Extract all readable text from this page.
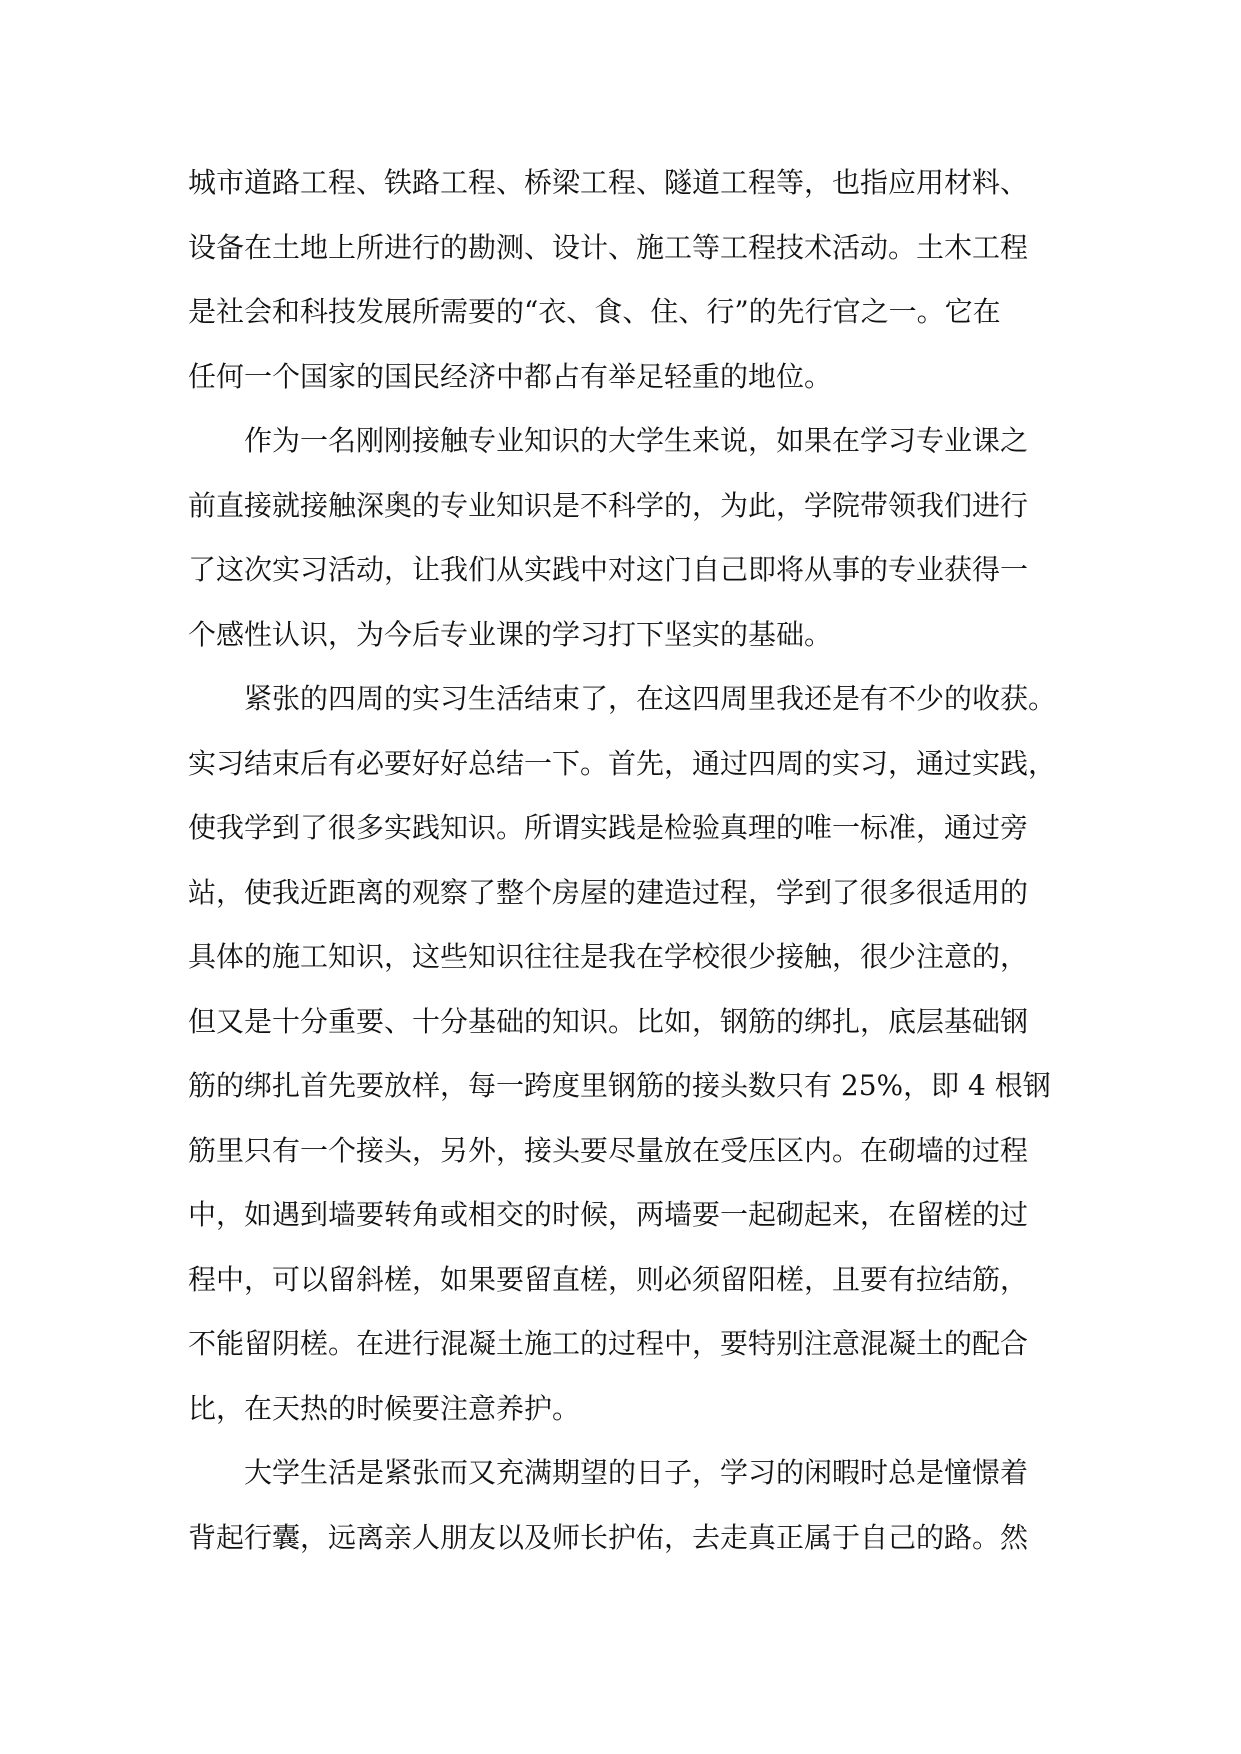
城市道路工程、铁路工程、桥梁工程、隧道工程等，也指应用材料、
设备在土地上所进行的勘测、设计、施工等工程技术活动。土木工程
是社会和科技发展所需要的“衣、食、住、行”的先行官之一。它在
任何一个国家的国民经济中都占有举足轻重的地位。
作为一名刚刚接触专业知识的大学生来说，如果在学习专业课之
前直接就接触深奥的专业知识是不科学的，为此，学院带领我们进行
了这次实习活动，让我们从实践中对这门自己即将从事的专业获得一
个感性认识，为今后专业课的学习打下坚实的基础。
紧张的四周的实习生活结束了，在这四周里我还是有不少的收获。
实习结束后有必要好好总结一下。首先，通过四周的实习，通过实践，
使我学到了很多实践知识。所谓实践是检验真理的唯一标准，通过旁
站，使我近距离的观察了整个房屋的建造过程，学到了很多很适用的
具体的施工知识，这些知识往往是我在学校很少接触，很少注意的，
但又是十分重要、十分基础的知识。比如，钢筋的绑扎，底层基础钢
筋的绑扎首先要放样，每一跨度里钢筋的接头数只有 25%，即 4 根钢
筋里只有一个接头，另外，接头要尽量放在受压区内。在砌墙的过程
中，如遇到墙要转角或相交的时候，两墙要一起砌起来，在留槎的过
程中，可以留斜槎，如果要留直槎，则必须留阳槎，且要有拉结筋，
不能留阴槎。在进行混凝土施工的过程中，要特别注意混凝土的配合
比，在天热的时候要注意养护。
大学生活是紧张而又充满期望的日子，学习的闲暇时总是憧憬着
背起行囊，远离亲人朋友以及师长护佑，去走真正属于自己的路。然
